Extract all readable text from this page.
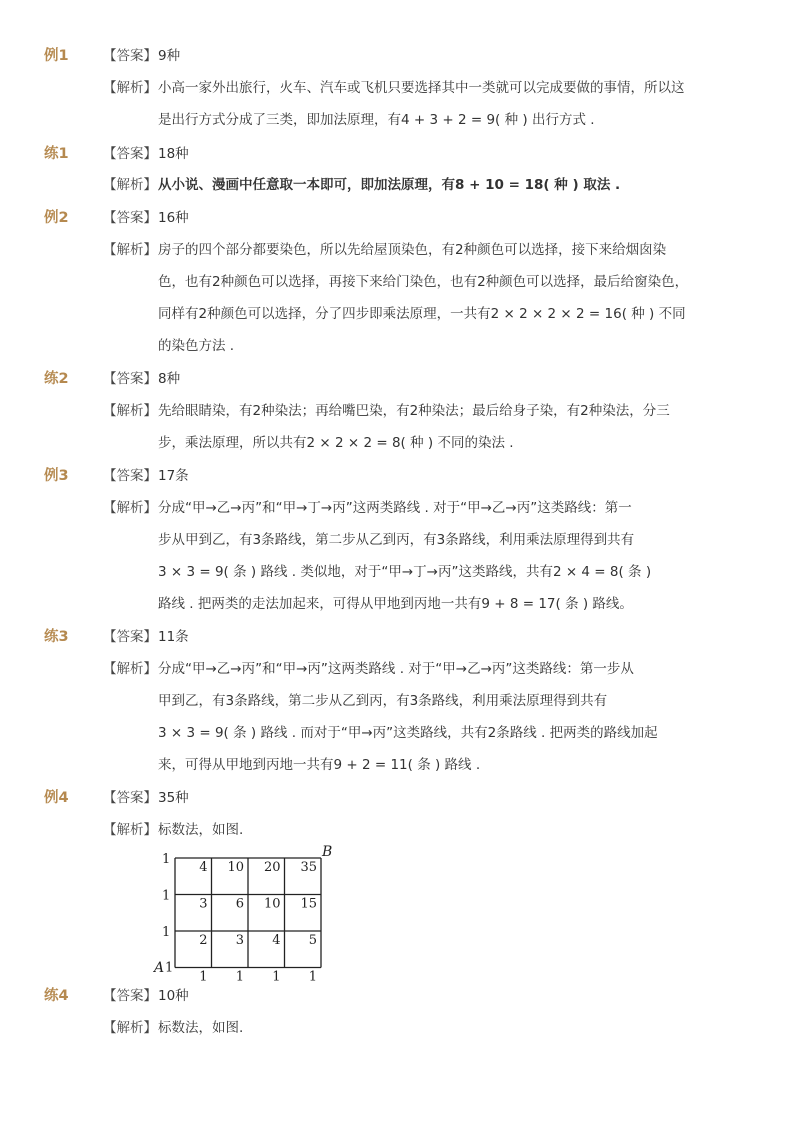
例1	【答案】 9种
【解析】 小高一家外出旅行，火车、汽车或飞机只要选择其中一类就可以完成要做的事情，所以这
是出行方式分成了三类，即加法原理，有4 + 3 + 2 = 9( 种 ) 出行方式 .
练1	【答案】 18种
【解析】 从小说、漫画中任意取一本即可，即加法原理，有8 + 10 = 18( 种 ) 取法 .
例2	【答案】 16种
【解析】 房子的四个部分都要染色，所以先给屋顶染色，有2种颜色可以选择，接下来给烟囱染
色，也有2种颜色可以选择，再接下来给门染色，也有2种颜色可以选择，最后给窗染色，
同样有2种颜色可以选择，分了四步即乘法原理，一共有2 × 2 × 2 × 2 = 16( 种 ) 不同
的染色方法 .
练2	【答案】 8种
【解析】 先给眼睛染，有2种染法；再给嘴巴染，有2种染法；最后给身子染，有2种染法，分三
步，乘法原理，所以共有2 × 2 × 2 = 8( 种 ) 不同的染法 .
例3	【答案】 17条
【解析】 分成“甲→乙→丙”和“甲→丁→丙”这两类路线 . 对于“甲→乙→丙”这类路线：第一
步从甲到乙，有3条路线，第二步从乙到丙，有3条路线，利用乘法原理得到共有
3 × 3 = 9( 条 ) 路线 . 类似地，对于“甲→丁→丙”这类路线，共有2 × 4 = 8( 条 )
路线 . 把两类的走法加起来，可得从甲地到丙地一共有9 + 8 = 17( 条 ) 路线。
练3	【答案】 11条
【解析】 分成“甲→乙→丙”和“甲→丙”这两类路线 . 对于“甲→乙→丙”这类路线：第一步从
甲到乙，有3条路线，第二步从乙到丙，有3条路线，利用乘法原理得到共有
3 × 3 = 9( 条 ) 路线 . 而对于“甲→丙”这类路线，共有2条路线 . 把两类的路线加起
来，可得从甲地到丙地一共有9 + 2 = 11( 条 ) 路线 .
例4	【答案】 35种
【解析】 标数法，如图.
1
4 10 20 35
1
3 6 10 15
1
2 3 4 5
1
1 1 1 1
B
A
练4	【答案】 10种
【解析】 标数法，如图.
